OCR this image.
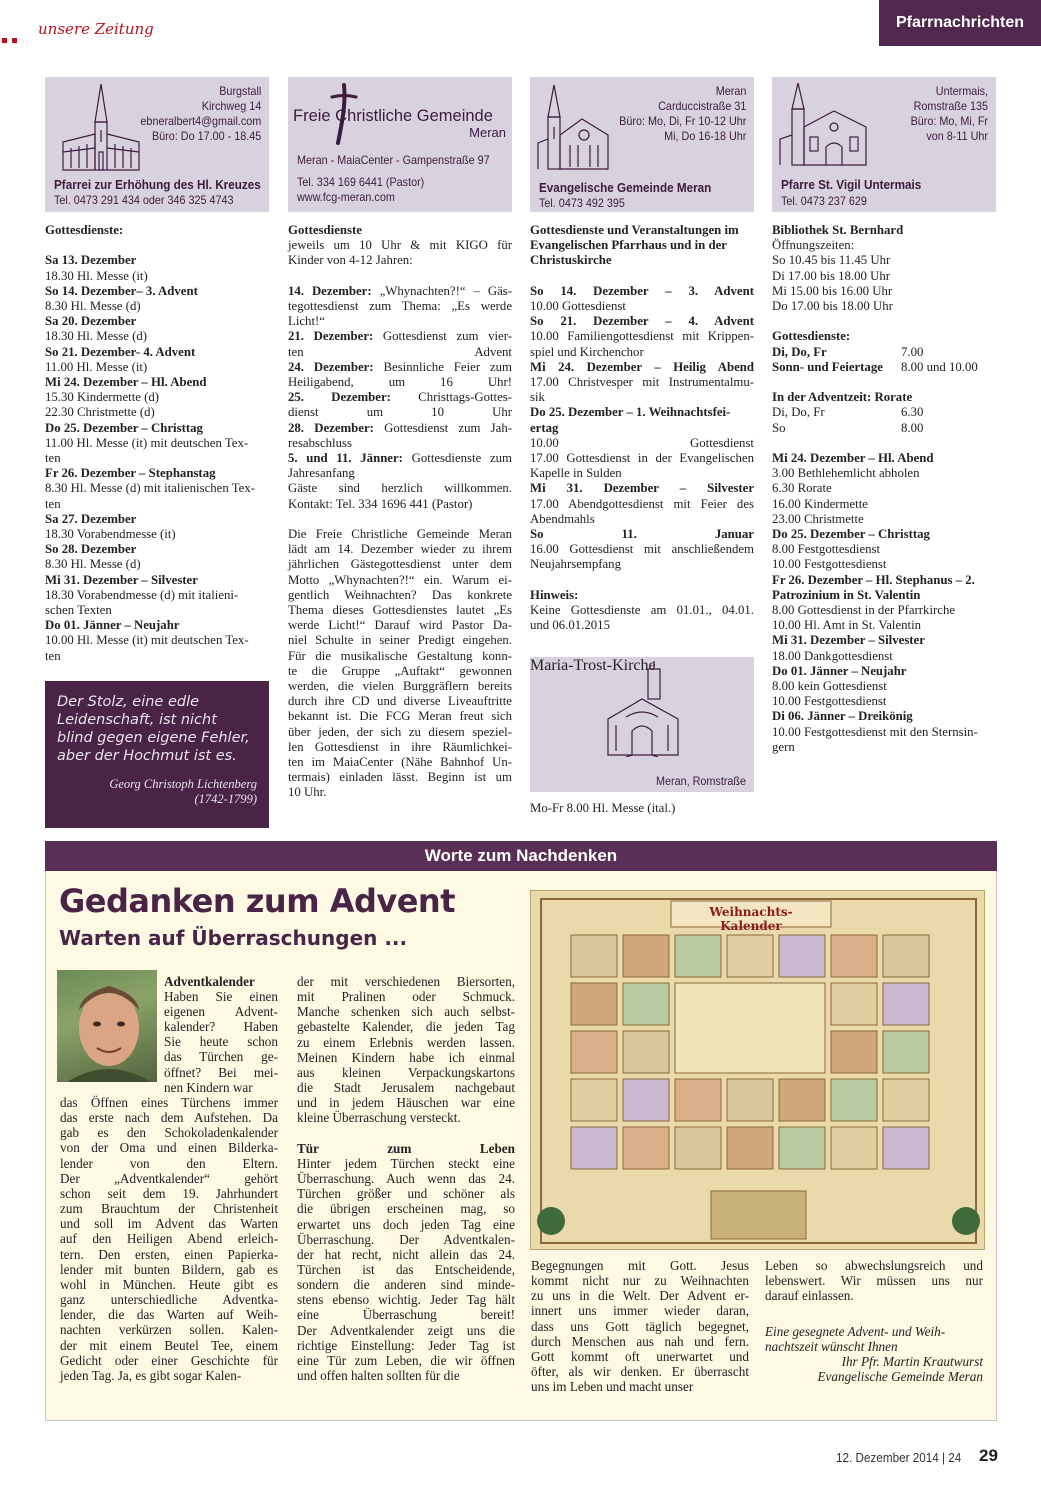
unsere Zeitung	Pfarrnachrichten
Burgstall
Kirchweg 14
ebneralbert4@gmail.com
Büro: Do 17.00 - 18.45
Pfarrei zur Erhöhung des Hl. Kreuzes
Tel. 0473 291 434 oder 346 325 4743
Freie Christliche Gemeinde
Meran
Meran - MaiaCenter - Gampenstraße 97
Tel. 334 169 6441 (Pastor)
www.fcg-meran.com
Meran
Carduccistraße 31
Büro: Mo, Di, Fr 10-12 Uhr
Mi, Do 16-18 Uhr
Evangelische Gemeinde Meran
Tel. 0473 492 395
Untermais,
Romstraße 135
Büro: Mo, Mi, Fr
von 8-11 Uhr
Pfarre St. Vigil Untermais
Tel. 0473 237 629
Gottesdienste:
Sa 13. Dezember
18.30 Hl. Messe (it)
So 14. Dezember– 3. Advent
8.30 Hl. Messe (d)
Sa 20. Dezember
18.30 Hl. Messe (d)
So 21. Dezember- 4. Advent
11.00 Hl. Messe (it)
Mi 24. Dezember – Hl. Abend
15.30 Kindermette (d)
22.30 Christmette (d)
Do 25. Dezember – Christtag
11.00 Hl. Messe (it) mit deutschen Tex-
ten
Fr 26. Dezember – Stephanstag
8.30 Hl. Messe (d) mit italienischen Tex-
ten
Sa 27. Dezember
18.30 Vorabendmesse (it)
So 28. Dezember
8.30 Hl. Messe (d)
Mi 31. Dezember – Silvester
18.30 Vorabendmesse (d) mit italieni-
schen Texten
Do 01. Jänner – Neujahr
10.00 Hl. Messe (it) mit deutschen Tex-
ten
Der Stolz, eine edle Leidenschaft, ist nicht blind gegen eigene Fehler, aber der Hochmut ist es.
Georg Christoph Lichtenberg
(1742-1799)
Gottesdienste
jeweils um 10 Uhr & mit KIGO für
Kinder von 4-12 Jahren:
14. Dezember: „Whynachten?!“ – Gäs-
tegottesdienst zum Thema: „Es werde
Licht!“
21. Dezember: Gottesdienst zum vier-
ten Advent
24. Dezember: Besinnliche Feier zum
Heiligabend, um 16 Uhr!
25. Dezember: Christtags-Gottes-
dienst um 10 Uhr
28. Dezember: Gottesdienst zum Jah-
resabschluss
5. und 11. Jänner: Gottesdienste zum
Jahresanfang
Gäste sind herzlich willkommen.
Kontakt: Tel. 334 1696 441 (Pastor)
Die Freie Christliche Gemeinde Meran
lädt am 14. Dezember wieder zu ihrem
jährlichen Gästegottesdienst unter dem
Motto „Whynachten?!“ ein. Warum ei-
gentlich Weihnachten? Das konkrete
Thema dieses Gottesdienstes lautet „Es
werde Licht!“ Darauf wird Pastor Da-
niel Schulte in seiner Predigt eingehen.
Für die musikalische Gestaltung konn-
te die Gruppe „Auftakt“ gewonnen
werden, die vielen Burggräflern bereits
durch ihre CD und diverse Liveauftritte
bekannt ist. Die FCG Meran freut sich
über jeden, der sich zu diesem speziel-
len Gottesdienst in ihre Räumlichkei-
ten im MaiaCenter (Nähe Bahnhof Un-
termais) einladen lässt. Beginn ist um
10 Uhr.
Gottesdienste und Veranstaltungen im
Evangelischen Pfarrhaus und in der
Christuskirche
So 14. Dezember – 3. Advent
10.00 Gottesdienst
So 21. Dezember – 4. Advent
10.00 Familiengottesdienst mit Krippen-
spiel und Kirchenchor
Mi 24. Dezember – Heilig Abend
17.00 Christvesper mit Instrumentalmu-
sik
Do 25. Dezember – 1. Weihnachtsfei-
ertag
10.00 Gottesdienst
17.00 Gottesdienst in der Evangelischen
Kapelle in Sulden
Mi 31. Dezember – Silvester
17.00 Abendgottesdienst mit Feier des
Abendmahls
So 11. Januar
16.00 Gottesdienst mit anschließendem
Neujahrsempfang
Hinweis:
Keine Gottesdienste am 01.01., 04.01.
und 06.01.2015
Maria-Trost-Kirche
Meran, Romstraße
Mo-Fr 8.00 Hl. Messe (ital.)
Bibliothek St. Bernhard
Öffnungszeiten:
So 10.45 bis 11.45 Uhr
Di 17.00 bis 18.00 Uhr
Mi 15.00 bis 16.00 Uhr
Do 17.00 bis 18.00 Uhr
Gottesdienste:
Di, Do, Fr	7.00
Sonn- und Feiertage 8.00 und 10.00
In der Adventzeit: Rorate
Di, Do, Fr	6.30
So	8.00
Mi 24. Dezember – Hl. Abend
3.00 Bethlehemlicht abholen
6.30 Rorate
16.00 Kindermette
23.00 Christmette
Do 25. Dezember – Christtag
8.00 Festgottesdienst
10.00 Festgottesdienst
Fr 26. Dezember – Hl. Stephanus – 2.
Patrozinium in St. Valentin
8.00 Gottesdienst in der Pfarrkirche
10.00 Hl. Amt in St. Valentin
Mi 31. Dezember – Silvester
18.00 Dankgottesdienst
Do 01. Jänner – Neujahr
8.00 kein Gottesdienst
10.00 Festgottesdienst
Di 06. Jänner – Dreikönig
10.00 Festgottesdienst mit den Sternsin-
gern
Worte zum Nachdenken
Gedanken zum Advent
Warten auf Überraschungen ...
Adventkalender
Haben Sie einen
eigenen Advent-
kalender? Haben
Sie heute schon
das Türchen ge-
öffnet? Bei mei-
nen Kindern war
das Öffnen eines Türchens immer
das erste nach dem Aufstehen. Da
gab es den Schokoladenkalender
von der Oma und einen Bilderka-
lender von den Eltern.
Der „Adventkalender“ gehört
schon seit dem 19. Jahrhundert
zum Brauchtum der Christenheit
und soll im Advent das Warten
auf den Heiligen Abend erleich-
tern. Den ersten, einen Papierka-
lender mit bunten Bildern, gab es
wohl in München. Heute gibt es
ganz unterschiedliche Adventka-
lender, die das Warten auf Weih-
nachten verkürzen sollen. Kalen-
der mit einem Beutel Tee, einem
Gedicht oder einer Geschichte für
jeden Tag. Ja, es gibt sogar Kalen-
der mit verschiedenen Biersorten,
mit Pralinen oder Schmuck.
Manche schenken sich auch selbst-
gebastelte Kalender, die jeden Tag
zu einem Erlebnis werden lassen.
Meinen Kindern habe ich einmal
aus kleinen Verpackungskartons
die Stadt Jerusalem nachgebaut
und in jedem Häuschen war eine
kleine Überraschung versteckt.
Tür zum Leben
Hinter jedem Türchen steckt eine
Überraschung. Auch wenn das 24.
Türchen größer und schöner als
die übrigen erscheinen mag, so
erwartet uns doch jeden Tag eine
Überraschung. Der Adventkalen-
der hat recht, nicht allein das 24.
Türchen ist das Entscheidende,
sondern die anderen sind minde-
stens ebenso wichtig. Jeder Tag hält
eine Überraschung bereit!
Der Adventkalender zeigt uns die
richtige Einstellung: Jeder Tag ist
eine Tür zum Leben, die wir öffnen
und offen halten sollten für die
Weihnachts-Kalender
Begegnungen mit Gott. Jesus
kommt nicht nur zu Weihnachten
zu uns in die Welt. Der Advent er-
innert uns immer wieder daran,
dass uns Gott täglich begegnet,
durch Menschen aus nah und fern.
Gott kommt oft unerwartet und
öfter, als wir denken. Er überrascht
uns im Leben und macht unser
Leben so abwechslungsreich und
lebenswert. Wir müssen uns nur
darauf einlassen.
Eine gesegnete Advent- und Weih-
nachtszeit wünscht Ihnen
Ihr Pfr. Martin Krautwurst
Evangelische Gemeinde Meran
12. Dezember 2014 | 24 29
